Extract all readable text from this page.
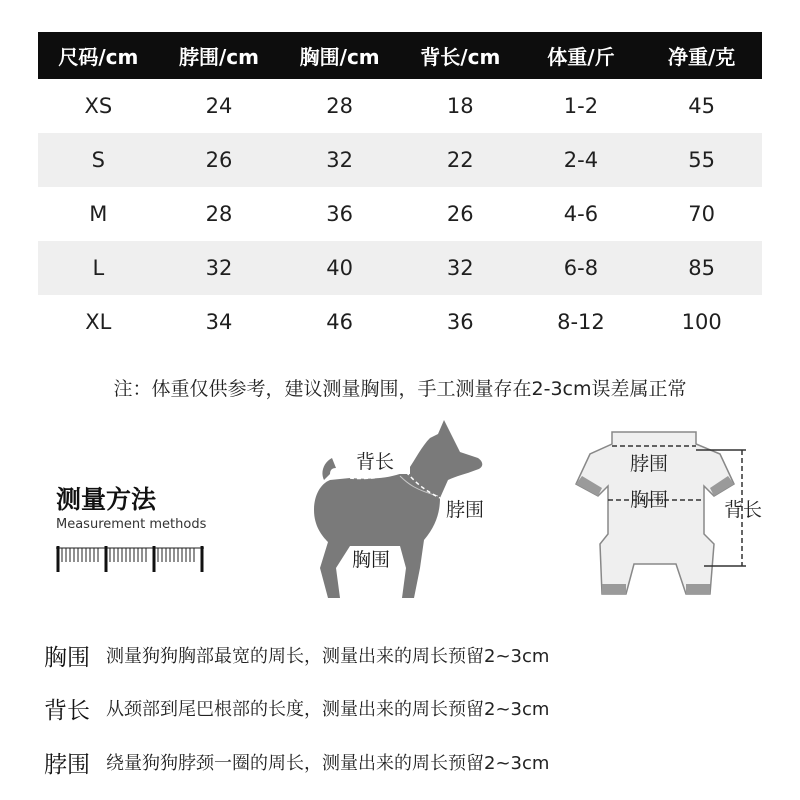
尺码/cm	脖围/cm	胸围/cm	背长/cm	体重/斤	净重/克
XS	24	28	18	1-2	45
S	26	32	22	2-4	55
M	28	36	26	4-6	70
L	32	40	32	6-8	85
XL	34	46	36	8-12	100
注：体重仅供参考，建议测量胸围，手工测量存在2-3cm误差属正常
测量方法
Measurement methods
背长
脖围
胸围
脖围
胸围	背长
胸围 测量狗狗胸部最宽的周长，测量出来的周长预留2~3cm
背长 从颈部到尾巴根部的长度，测量出来的周长预留2~3cm
脖围 绕量狗狗脖颈一圈的周长，测量出来的周长预留2~3cm
